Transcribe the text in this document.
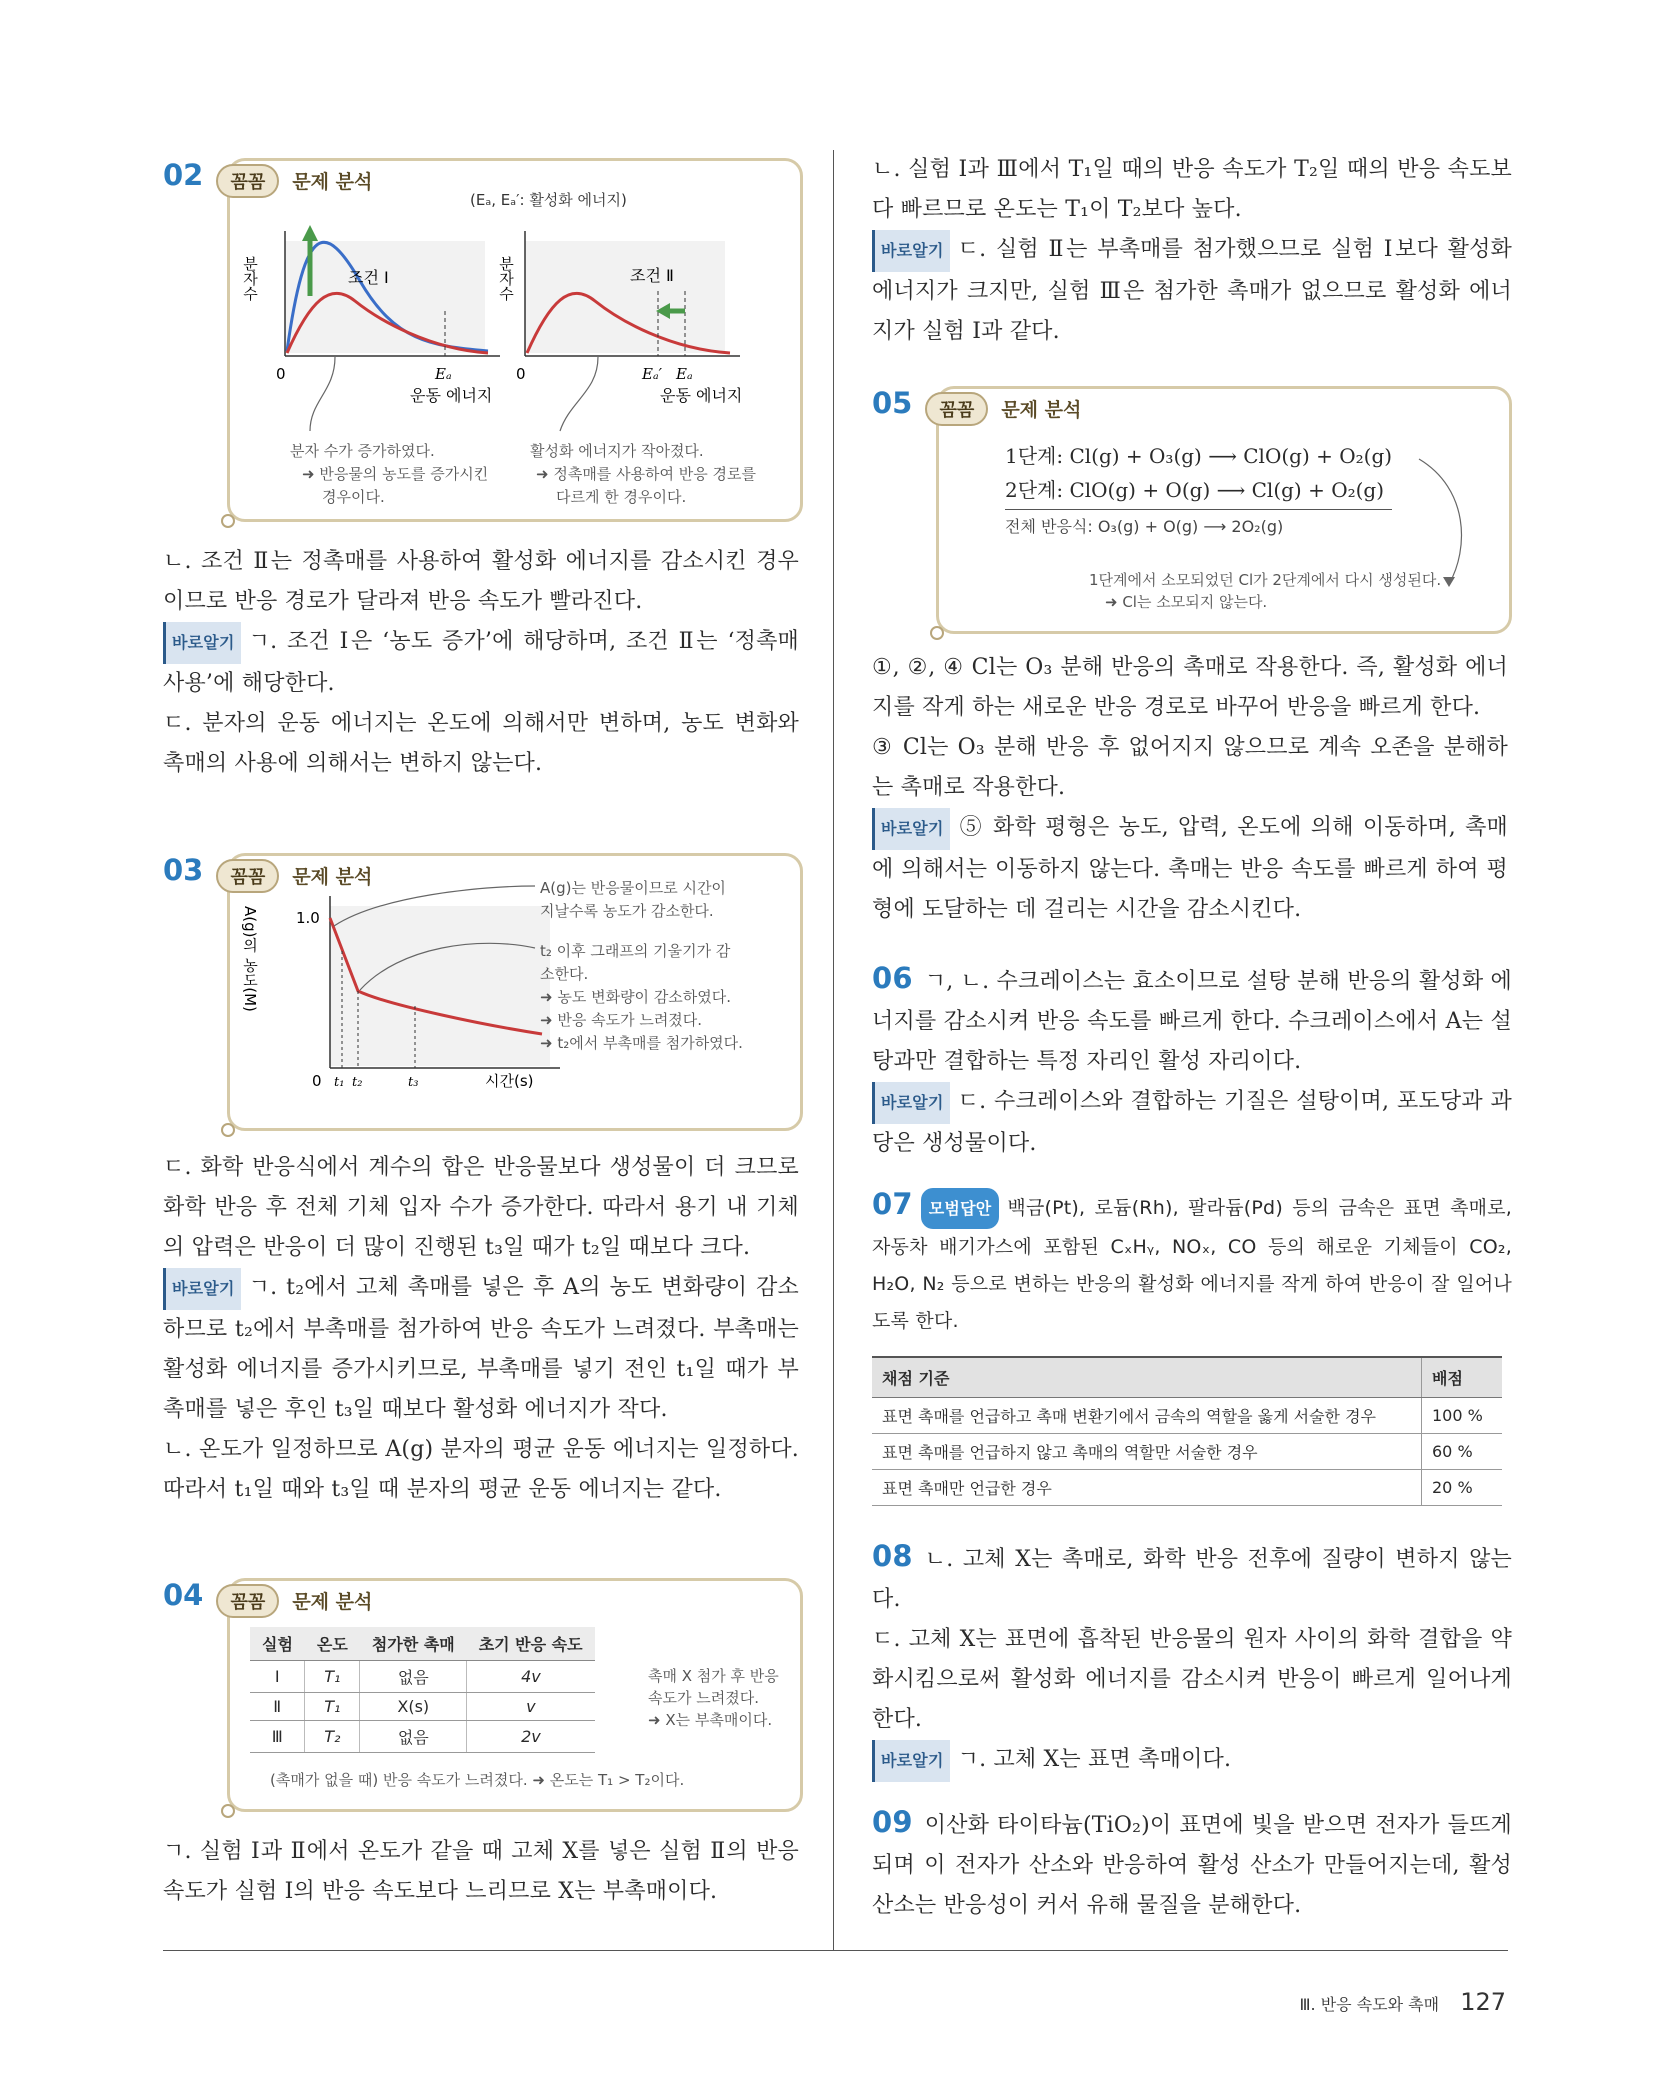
(Eₐ, Eₐ′: 활성화 에너지)
조건 Ⅰ
0	Eₐ
운동 에너지
조건 Ⅱ
0	Eₐ′ Eₐ
운동 에너지
분자수	분자수
분자 수가 증가하였다.
➜ 반응물의 농도를 증가시킨
경우이다.
활성화 에너지가 작아졌다.
➜ 정촉매를 사용하여 반응 경로를
다르게 한 경우이다.
02 꼼꼼 문제 분석

ㄴ. 조건 Ⅱ는 정촉매를 사용하여 활성화 에너지를 감소시킨 경우이므로 반응 경로가 달라져 반응 속도가 빨라진다.

바로알기 ㄱ. 조건 Ⅰ은 ‘농도 증가’에 해당하며, 조건 Ⅱ는 ‘정촉매 사용’에 해당한다.

ㄷ. 분자의 운동 에너지는 온도에 의해서만 변하며, 농도 변화와 촉매의 사용에 의해서는 변하지 않는다.

A(g)의 농도(M) 1.0
0 t₁ t₂	t₃	시간(s)
A(g)는 반응물이므로 시간이
지날수록 농도가 감소한다.
t₂ 이후 그래프의 기울기가 감
소한다.
➜ 농도 변화량이 감소하였다.
➜ 반응 속도가 느려졌다.
➜ t₂에서 부촉매를 첨가하였다.
03 꼼꼼 문제 분석

ㄷ. 화학 반응식에서 계수의 합은 반응물보다 생성물이 더 크므로 화학 반응 후 전체 기체 입자 수가 증가한다. 따라서 용기 내 기체의 압력은 반응이 더 많이 진행된 t₃일 때가 t₂일 때보다 크다.

바로알기 ㄱ. t₂에서 고체 촉매를 넣은 후 A의 농도 변화량이 감소하므로 t₂에서 부촉매를 첨가하여 반응 속도가 느려졌다. 부촉매는 활성화 에너지를 증가시키므로, 부촉매를 넣기 전인 t₁일 때가 부촉매를 넣은 후인 t₃일 때보다 활성화 에너지가 작다.

ㄴ. 온도가 일정하므로 A(g) 분자의 평균 운동 에너지는 일정하다. 따라서 t₁일 때와 t₃일 때 분자의 평균 운동 에너지는 같다.

실험	온도	첨가한 촉매	초기 반응 속도
Ⅰ	T₁	없음	4v
Ⅱ	T₁	X(s)	v
Ⅲ	T₂	없음	2v
촉매 X 첨가 후 반응
속도가 느려졌다.
➜ X는 부촉매이다.
(촉매가 없을 때) 반응 속도가 느려졌다. ➜ 온도는 T₁ > T₂이다.
04 꼼꼼 문제 분석

ㄱ. 실험 Ⅰ과 Ⅱ에서 온도가 같을 때 고체 X를 넣은 실험 Ⅱ의 반응 속도가 실험 Ⅰ의 반응 속도보다 느리므로 X는 부촉매이다.

ㄴ. 실험 Ⅰ과 Ⅲ에서 T₁일 때의 반응 속도가 T₂일 때의 반응 속도보다 빠르므로 온도는 T₁이 T₂보다 높다.

바로알기 ㄷ. 실험 Ⅱ는 부촉매를 첨가했으므로 실험 Ⅰ보다 활성화 에너지가 크지만, 실험 Ⅲ은 첨가한 촉매가 없으므로 활성화 에너지가 실험 Ⅰ과 같다.

1단계: Cl(g) + O₃(g) ⟶ ClO(g) + O₂(g)
2단계: ClO(g) + O(g) ⟶ Cl(g) + O₂(g)
전체 반응식: O₃(g) + O(g) ⟶ 2O₂(g)
1단계에서 소모되었던 Cl가 2단계에서 다시 생성된다.
➜ Cl는 소모되지 않는다.
05 꼼꼼 문제 분석

①, ②, ④ Cl는 O₃ 분해 반응의 촉매로 작용한다. 즉, 활성화 에너지를 작게 하는 새로운 반응 경로로 바꾸어 반응을 빠르게 한다.

③ Cl는 O₃ 분해 반응 후 없어지지 않으므로 계속 오존을 분해하는 촉매로 작용한다.

바로알기 ⑤ 화학 평형은 농도, 압력, 온도에 의해 이동하며, 촉매에 의해서는 이동하지 않는다. 촉매는 반응 속도를 빠르게 하여 평형에 도달하는 데 걸리는 시간을 감소시킨다.

06 ㄱ, ㄴ. 수크레이스는 효소이므로 설탕 분해 반응의 활성화 에너지를 감소시켜 반응 속도를 빠르게 한다. 수크레이스에서 A는 설탕과만 결합하는 특정 자리인 활성 자리이다.

바로알기 ㄷ. 수크레이스와 결합하는 기질은 설탕이며, 포도당과 과당은 생성물이다.

07 모범답안 백금(Pt), 로듐(Rh), 팔라듐(Pd) 등의 금속은 표면 촉매로, 자동차 배기가스에 포함된 CₓHᵧ, NOₓ, CO 등의 해로운 기체들이 CO₂, H₂O, N₂ 등으로 변하는 반응의 활성화 에너지를 작게 하여 반응이 잘 일어나도록 한다.

채점 기준	배점
표면 촉매를 언급하고 촉매 변환기에서 금속의 역할을 옳게 서술한 경우	100 %
표면 촉매를 언급하지 않고 촉매의 역할만 서술한 경우	60 %
표면 촉매만 언급한 경우	20 %

08 ㄴ. 고체 X는 촉매로, 화학 반응 전후에 질량이 변하지 않는다.

ㄷ. 고체 X는 표면에 흡착된 반응물의 원자 사이의 화학 결합을 약화시킴으로써 활성화 에너지를 감소시켜 반응이 빠르게 일어나게 한다.

바로알기 ㄱ. 고체 X는 표면 촉매이다.

09 이산화 타이타늄(TiO₂)이 표면에 빛을 받으면 전자가 들뜨게 되며 이 전자가 산소와 반응하여 활성 산소가 만들어지는데, 활성 산소는 반응성이 커서 유해 물질을 분해한다.

Ⅲ. 반응 속도와 촉매 127
